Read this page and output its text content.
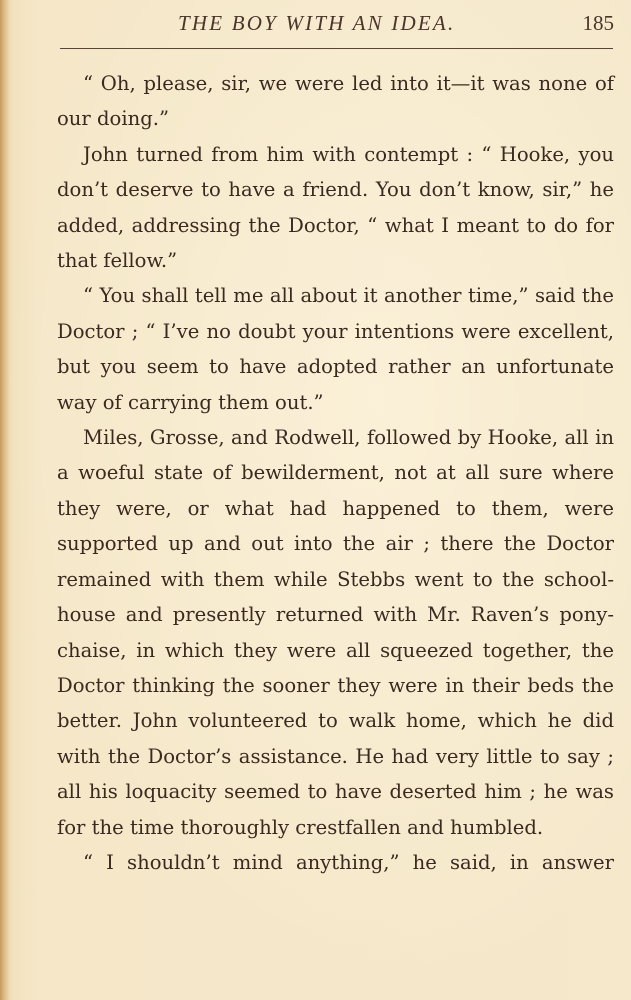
THE BOY WITH AN IDEA.	185

“ Oh, please, sir, we were led into it—it was none of our doing.”

John turned from him with contempt : “ Hooke, you don’t deserve to have a friend. You don’t know, sir,” he added, addressing the Doctor, “ what I meant to do for that fellow.”

“ You shall tell me all about it another time,” said the Doctor ; “ I’ve no doubt your intentions were excellent, but you seem to have adopted rather an unfortunate way of carrying them out.”

Miles, Grosse, and Rodwell, followed by Hooke, all in a woeful state of bewilderment, not at all sure where they were, or what had happened to them, were supported up and out into the air ; there the Doctor remained with them while Stebbs went to the school-house and presently returned with Mr. Raven’s pony-chaise, in which they were all squeezed together, the Doctor thinking the sooner they were in their beds the better. John volunteered to walk home, which he did with the Doctor’s assistance. He had very little to say ; all his loquacity seemed to have deserted him ; he was for the time thoroughly crestfallen and humbled.

“ I shouldn’t mind anything,” he said, in answer
